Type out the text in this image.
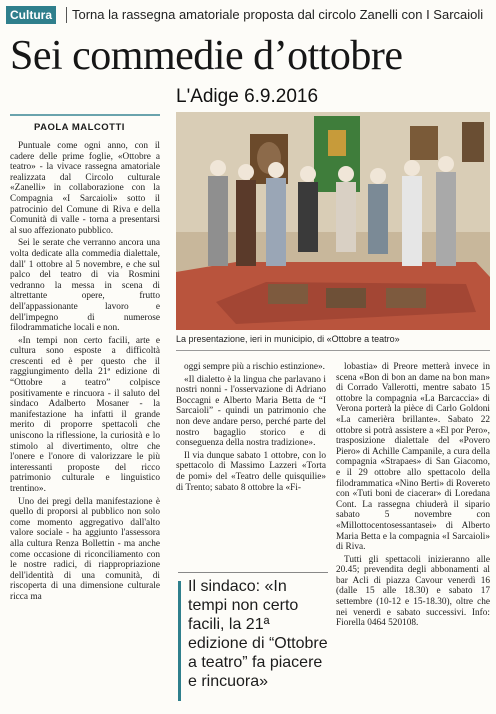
Cultura	Torna la rassegna amatoriale proposta dal circolo Zanelli con I Sarcaioli
Sei commedie d’ottobre
L'Adige 6.9.2016
PAOLA MALCOTTI

Puntuale come ogni anno, con il cadere delle prime foglie, «Ottobre a teatro» - la vivace rassegna amatoriale realizzata dal Circolo culturale «Zanelli» in collaborazione con la Compagnia «I Sarcaioli» sotto il patrocinio del Comune di Riva e della Comunità di valle - torna a presentarsi al suo affezionato pubblico.

Sei le serate che verranno ancora una volta dedicate alla commedia dialettale, dall' 1 ottobre al 5 novembre, e che sul palco del teatro di via Rosmini vedranno la messa in scena di altrettante opere, frutto dell'appassionante lavoro e dell'impegno di numerose filodrammatiche locali e non.

«In tempi non certo facili, arte e cultura sono esposte a difficoltà crescenti ed è per questo che il raggiungimento della 21ª edizione di “Ottobre a teatro” colpisce positivamente e rincuora - il saluto del sindaco Adalberto Mosaner - la manifestazione ha infatti il grande merito di proporre spettacoli che uniscono la riflessione, la curiosità e lo stimolo al divertimento, oltre che l'onere e l'onore di valorizzare le più interessanti proposte del ricco patrimonio culturale e linguistico trentino».

Uno dei pregi della manifestazione è quello di proporsi al pubblico non solo come momento aggregativo dall'alto valore sociale - ha aggiunto l'assessora alla cultura Renza Bollettin - ma anche come occasione di riconciliamento con le nostre radici, di riappropriazione dell'identità di una comunità, di riscoperta di una dimensione culturale ricca ma

La presentazione, ieri in municipio, di «Ottobre a teatro»

oggi sempre più a rischio estinzione».

«Il dialetto è la lingua che parlavano i nostri nonni - l'osservazione di Adriano Boccagni e Alberto Maria Betta de “I Sarcaioli” - quindi un patrimonio che non deve andare perso, perché parte del nostro bagaglio storico e di conseguenza della nostra tradizione».

Il via dunque sabato 1 ottobre, con lo spettacolo di Massimo Lazzeri «Torta de pomi» del «Teatro delle quisquilie» di Trento; sabato 8 ottobre la «Fi-

Il sindaco: «In tempi non certo facili, la 21ª edizione di “Ottobre a teatro” fa piacere e rincuora»

lobastia» di Preore metterà invece in scena «Bon di bon an dame na bon man» di Corrado Vallerotti, mentre sabato 15 ottobre la compagnia «La Barcaccia» di Verona porterà la pièce di Carlo Goldoni «La camerièra brillante». Sabato 22 ottobre si potrà assistere a «El por Pero», trasposizione dialettale del «Povero Piero» di Achille Campanile, a cura della compagnia «Strapaes» di San Giacomo, e il 29 ottobre allo spettacolo della filodrammatica «Nino Berti» di Rovereto con «Tuti boni de ciacerar» di Loredana Cont. La rassegna chiuderà il sipario sabato 5 novembre con «Millottocentosessantasei» di Alberto Maria Betta e la compagnia «I Sarcaioli» di Riva.

Tutti gli spettacoli inizieranno alle 20.45; prevendita degli abbonamenti al bar Acli di piazza Cavour venerdì 16 (dalle 15 alle 18.30) e sabato 17 settembre (10-12 e 15-18.30), oltre che nei venerdì e sabato successivi. Info: Fiorella 0464 520108.
